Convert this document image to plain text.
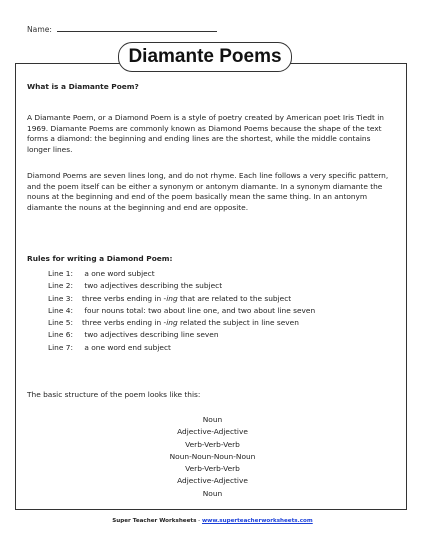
Name:
Diamante Poems
What is a Diamante Poem?
A Diamante Poem, or a Diamond Poem is a style of poetry created by American poet Iris Tiedt in 1969. Diamante Poems are commonly known as Diamond Poems because the shape of the text forms a diamond: the beginning and ending lines are the shortest, while the middle contains longer lines.
Diamond Poems are seven lines long, and do not rhyme. Each line follows a very specific pattern, and the poem itself can be either a synonym or antonym diamante. In a synonym diamante the nouns at the beginning and end of the poem basically mean the same thing. In an antonym diamante the nouns at the beginning and end are opposite.
Rules for writing a Diamond Poem:
Line 1: a one word subject
Line 2: two adjectives describing the subject
Line 3: three verbs ending in -ing that are related to the subject
Line 4: four nouns total: two about line one, and two about line seven
Line 5: three verbs ending in -ing related the subject in line seven
Line 6: two adjectives describing line seven
Line 7: a one word end subject
The basic structure of the poem looks like this:
Noun
Adjective-Adjective
Verb-Verb-Verb
Noun-Noun-Noun-Noun
Verb-Verb-Verb
Adjective-Adjective
Noun
Super Teacher Worksheets - www.superteacherworksheets.com
